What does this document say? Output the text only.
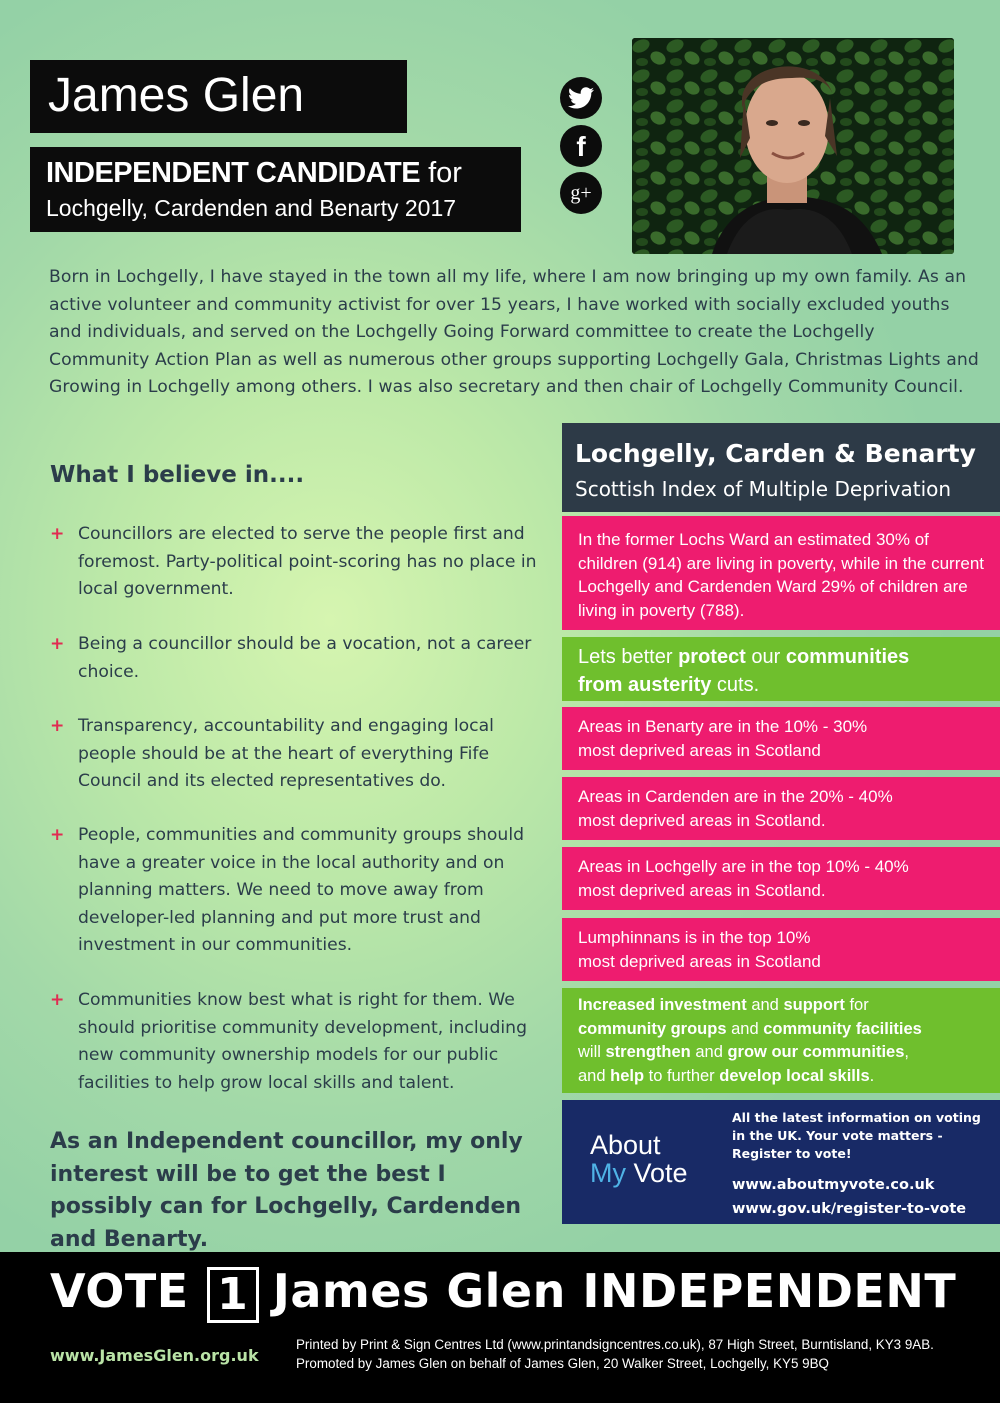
James Glen
INDEPENDENT CANDIDATE for
Lochgelly, Cardenden and Benarty 2017
f
g+
Born in Lochgelly, I have stayed in the town all my life, where I am now bringing up my own family. As an active volunteer and community activist for over 15 years, I have worked with socially excluded youths and individuals, and served on the Lochgelly Going Forward committee to create the Lochgelly Community Action Plan as well as numerous other groups supporting Lochgelly Gala, Christmas Lights and Growing in Lochgelly among others. I was also secretary and then chair of Lochgelly Community Council.
What I believe in....
+ Councillors are elected to serve the people first and foremost. Party-political point-scoring has no place in local government.
+ Being a councillor should be a vocation, not a career choice.
+ Transparency, accountability and engaging local people should be at the heart of everything Fife Council and its elected representatives do.
+ People, communities and community groups should have a greater voice in the local authority and on planning matters. We need to move away from developer-led planning and put more trust and investment in our communities.
+ Communities know best what is right for them. We should prioritise community development, including new community ownership models for our public facilities to help grow local skills and talent.
As an Independent councillor, my only interest will be to get the best I possibly can for Lochgelly, Cardenden and Benarty.
Lochgelly, Carden & Benarty
Scottish Index of Multiple Deprivation

In the former Lochs Ward an estimated 30% of children (914) are living in poverty, while in the current Lochgelly and Cardenden Ward 29% of children are living in poverty (788).

Lets better protect our communities
from austerity cuts.

Areas in Benarty are in the 10% - 30%
most deprived areas in Scotland

Areas in Cardenden are in the 20% - 40%
most deprived areas in Scotland.

Areas in Lochgelly are in the top 10% - 40%
most deprived areas in Scotland.

Lumphinnans is in the top 10%
most deprived areas in Scotland

Increased investment and support for
community groups and community facilities
will strengthen and grow our communities,
and help to further develop local skills.

About
My Vote
All the latest information on voting in the UK. Your vote matters - Register to vote!
www.aboutmyvote.co.uk
www.gov.uk/register-to-vote
VOTE 1 James Glen INDEPENDENT
www.JamesGlen.org.uk
Printed by Print & Sign Centres Ltd (www.printandsigncentres.co.uk), 87 High Street, Burntisland, KY3 9AB. Promoted by James Glen on behalf of James Glen, 20 Walker Street, Lochgelly, KY5 9BQ
